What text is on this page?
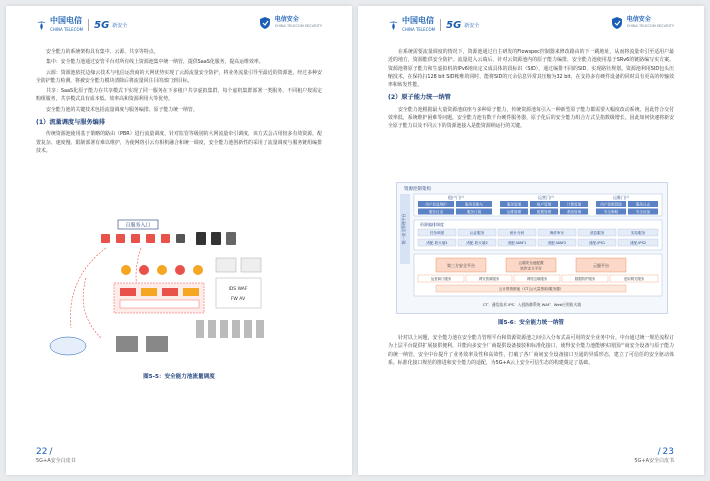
中国电信
CHINA TELECOM 5G 新安全
电信安全
CHINA TELECOM SECURITY

安全能力的系统架构具有集中、云源、共享等特点。

集中：安全能力池通过安管平台对所有线上资源池集中统一纳管，提供SaaS化服务，提高运维效率。

云源：资源池依托边缘云技术与电信运营商的大网优势实现了云源流量安全防护，将业务流量引导至最近的资源池，经过多种安全防护能力检测，将被安全能力模块清除后将流量回注目的部门到目标。

共享：SaaS化原子能力在共享模式下实现了同一服务在下多租户共享虚拟集群，每个虚机集群部署一类服务，不同租户按需定购组服务，共享模式具有成本低、效率高和资源利用大等优势。

安全能力池的关键技术包括流量调度与服务编排、原子能力统一纳管。

(1）流量调度与服务编排

传统资源池使用基于策略的路由（PBR）进行流量调度，针对监管等级别的大网流量牵引调度，该方式会占用较多有效资源，配置复杂、速度慢、限制部署有难以维护，为使网络引云有相机融合和统一调度，安全能力池创新性的采用了流量调度与服务链组编排技术。

自服务入口
IDS WAF
FW AV
图5-5：安全能力池流量调度
22 /
5G+A安全白皮书
中国电信
CHINA TELECOM 5G 新安全
电信安全
CHINA TELECOM SECURITY

在系统需要流量调度的情况下，资源池通过自主研发的Flowspec控制器来修改路由的下一跳地址，从而将流量牵引至适用户最近的地方，资源能供安全防护。流量进入云端后，针对云资源池内的原子能力编排，安全能力池使用基于SRv6的链路编写实方案。资源池将原子能力和生虚拟机的IPv6地址定义成具体的段标识（SID），通过编排不同的SID，实现路径规划。资源池利用SID包头压缩技术，在保持扫128 bit SID帐唯的同时，能将SID的冗余信息异常其压缩为32 bit，在支持多有硬件设备的同时具有更高的传输效率和转发性能。

(2）原子能力统一纳管

安全能力池根据最大量资源池底座与多种原子能力，传统资源池每引入一种新型原子能力都需要大幅度改动系统，因此符合交付效率低，系统维护困难等问题。安全能力池有数千台硬件服务器，原子化后的安全能力组合方式呈指数级增长。因此如何快速将新安全原子能力以及不同云下的资源池接入是能资源纳运行的关键。

资源控制架构
统一安全管理平台
租户门户	运营门户	运维门户
用户信息维护	服务采购与
服务目录	服务订阅
服务管理	租户管理	计费管理
运维管理	配置管理	系统管理
用户资源管理	服务日志
安全策略	安全设备
资源编排调度
任务调度	认证服务	统计分析	操作审计	消息服务	实验服务
适配-防火墙1	适配-防火墙2	适配-WAF1	适配-WAF2	适配-IPS1	适配-IPS2
第三方安全平台	云端安全池配置
软件定义平台
云服平台
运营商门服务	网安资源服务	网络边缘服务	数据防护服务	虚拟网关服务
云计算资源池（CT云/大量资源/服务器）
CT：通信技术 IPS：入侵防御系统 WAF：Web应用防火墙
图5-6：安全能力统一纳管

针对以上问题，安全能力池在安全能力管理平台和资源资源池之间引入分布式高可用的安全业务中台。中台通过统一规范流程订为上层平台提供扩展接供便利，并能向多安全厂商提供设备接驳和标准化接口，使得安全能力池能够实现国产商安全设备与原子能力的统一纳管，安全中台提升了业务效率及性和高效性，打破了各厂商间安全设备接口互通的异质形态，建立了可信任的安全驱动体系。标准化接口规范的推进和安全能力的适配，为5G+A云上安全可信生态的构建奠定了基础。

/ 23
5G+A安全白皮书
